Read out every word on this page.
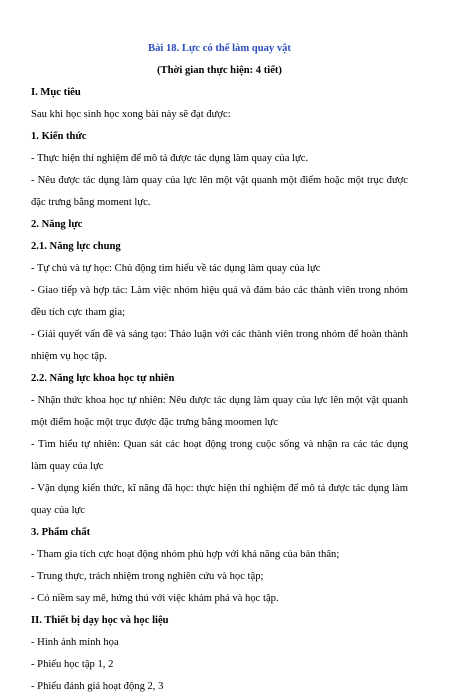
Bài 18. Lực có thể làm quay vật

(Thời gian thực hiện: 4 tiết)

I. Mục tiêu

Sau khi học sinh học xong bài này sẽ đạt được:

1. Kiến thức

- Thực hiện thí nghiệm để mô tả được tác dụng làm quay của lực.

- Nêu được tác dụng làm quay của lực lên một vật quanh một điểm hoặc một trục được đặc trưng bằng moment lực.

2. Năng lực

2.1. Năng lực chung

- Tự chủ và tự học: Chủ động tìm hiểu về tác dụng làm quay của lực

- Giao tiếp và hợp tác: Làm việc nhóm hiệu quả và đảm bảo các thành viên trong nhóm đều tích cực tham gia;

- Giải quyết vấn đề và sáng tạo: Thảo luận với các thành viên trong nhóm để hoàn thành nhiệm vụ học tập.

2.2. Năng lực khoa học tự nhiên

- Nhận thức khoa học tự nhiên: Nêu được tác dụng làm quay của lực lên một vật quanh một điểm hoặc một trục được đặc trưng bằng moomen lực

- Tìm hiểu tự nhiên: Quan sát các hoạt động trong cuộc sống và nhận ra các tác dụng làm quay của lực

- Vận dụng kiến thức, kĩ năng đã học: thực hiện thí nghiệm để mô tả được tác dụng làm quay của lực

3. Phẩm chất

- Tham gia tích cực hoạt động nhóm phù hợp với khả năng của bản thân;

- Trung thực, trách nhiệm trong nghiên cứu và học tập;

- Có niềm say mê, hứng thú với việc khám phá và học tập.

II. Thiết bị dạy học và học liệu

- Hình ảnh minh họa

- Phiếu học tập 1, 2

- Phiếu đánh giá hoạt động 2, 3
